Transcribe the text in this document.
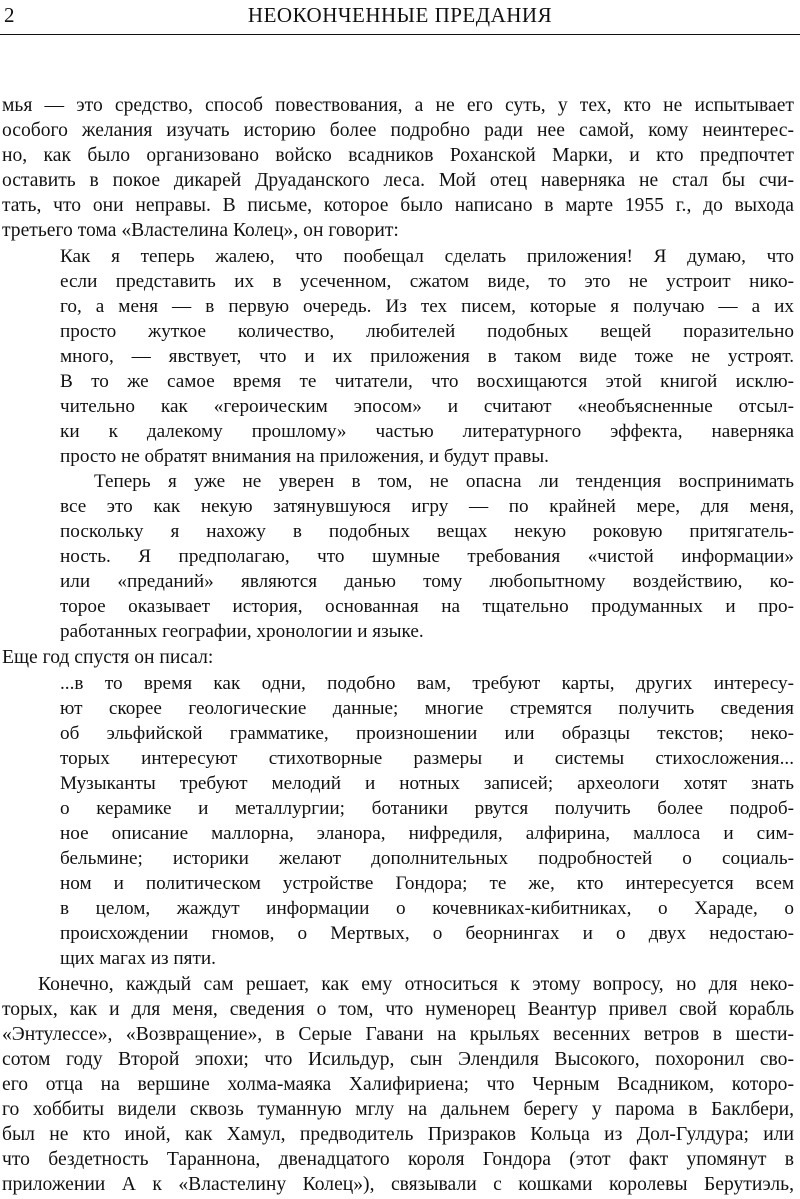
2	НЕОКОНЧЕННЫЕ ПРЕДАНИЯ
мья — это средство, способ повествования, а не его суть, у тех, кто не испытывает
особого желания изучать историю более подробно ради нее самой, кому неинтерес-
но, как было организовано войско всадников Роханской Марки, и кто предпочтет
оставить в покое дикарей Друаданского леса. Мой отец наверняка не стал бы счи-
тать, что они неправы. В письме, которое было написано в марте 1955 г., до выхода
третьего тома «Властелина Колец», он говорит:
Как я теперь жалею, что пообещал сделать приложения! Я думаю, что
если представить их в усеченном, сжатом виде, то это не устроит нико-
го, а меня — в первую очередь. Из тех писем, которые я получаю — а их
просто жуткое количество, любителей подобных вещей поразительно
много, — явствует, что и их приложения в таком виде тоже не устроят.
В то же самое время те читатели, что восхищаются этой книгой исклю-
чительно как «героическим эпосом» и считают «необъясненные отсыл-
ки к далекому прошлому» частью литературного эффекта, наверняка
просто не обратят внимания на приложения, и будут правы.
Теперь я уже не уверен в том, не опасна ли тенденция воспринимать
все это как некую затянувшуюся игру — по крайней мере, для меня,
поскольку я нахожу в подобных вещах некую роковую притягатель-
ность. Я предполагаю, что шумные требования «чистой информации»
или «преданий» являются данью тому любопытному воздействию, ко-
торое оказывает история, основанная на тщательно продуманных и про-
работанных географии, хронологии и языке.
Еще год спустя он писал:
...в то время как одни, подобно вам, требуют карты, других интересу-
ют скорее геологические данные; многие стремятся получить сведения
об эльфийской грамматике, произношении или образцы текстов; неко-
торых интересуют стихотворные размеры и системы стихосложения...
Музыканты требуют мелодий и нотных записей; археологи хотят знать
о керамике и металлургии; ботаники рвутся получить более подроб-
ное описание маллорна, эланора, нифредиля, алфирина, маллоса и сим-
бельмине; историки желают дополнительных подробностей о социаль-
ном и политическом устройстве Гондора; те же, кто интересуется всем
в целом, жаждут информации о кочевниках-кибитниках, о Хараде, о
происхождении гномов, о Мертвых, о беорнингах и о двух недостаю-
щих магах из пяти.
Конечно, каждый сам решает, как ему относиться к этому вопросу, но для неко-
торых, как и для меня, сведения о том, что нуменорец Веантур привел свой корабль
«Энтулессе», «Возвращение», в Серые Гавани на крыльях весенних ветров в шести-
сотом году Второй эпохи; что Исильдур, сын Элендиля Высокого, похоронил сво-
его отца на вершине холма-маяка Халифириена; что Черным Всадником, которо-
го хоббиты видели сквозь туманную мглу на дальнем берегу у парома в Баклбери,
был не кто иной, как Хамул, предводитель Призраков Кольца из Дол-Гулдура; или
что бездетность Тараннона, двенадцатого короля Гондора (этот факт упомянут в
приложении А к «Властелину Колец»), связывали с кошками королевы Берутиэль,
